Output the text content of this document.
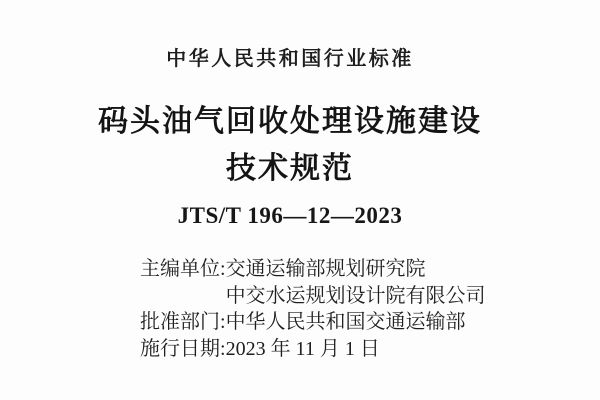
中华人民共和国行业标准
码头油气回收处理设施建设
技术规范
JTS/T 196—12—2023
主编单位:	交通运输部规划研究院
	中交水运规划设计院有限公司
批准部门:	中华人民共和国交通运输部
施行日期:	2023 年 11 月 1 日
